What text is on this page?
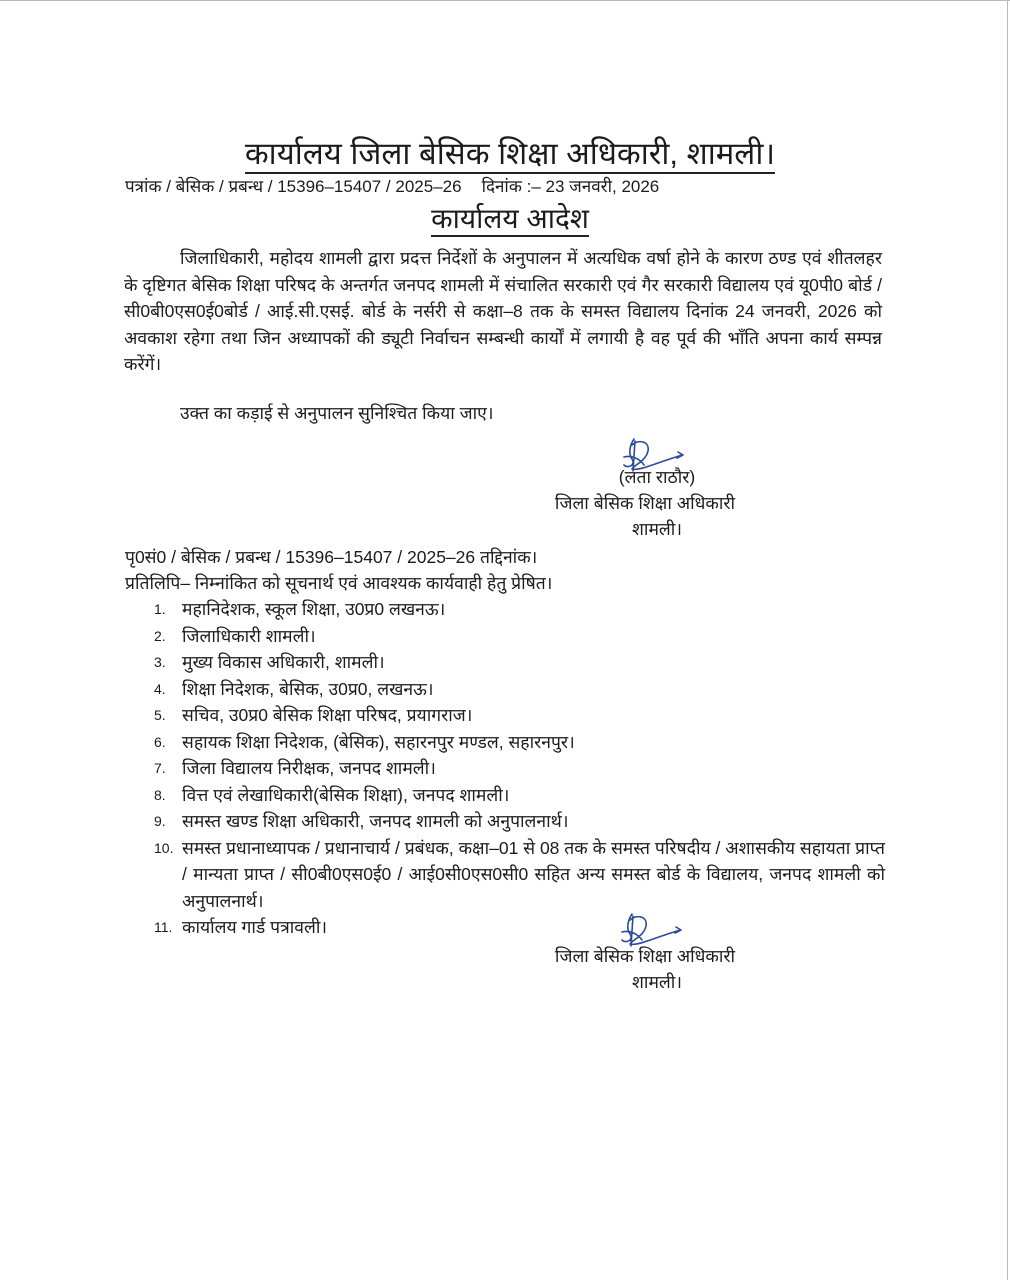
कार्यालय जिला बेसिक शिक्षा अधिकारी, शामली।
पत्रांक / बेसिक / प्रबन्ध / 15396–15407 / 2025–26 दिनांक :– 23 जनवरी, 2026
कार्यालय आदेश
जिलाधिकारी, महोदय शामली द्वारा प्रदत्त निर्देशों के अनुपालन में अत्यधिक वर्षा होने के कारण ठण्ड एवं शीतलहर के दृष्टिगत बेसिक शिक्षा परिषद के अन्तर्गत जनपद शामली में संचालित सरकारी एवं गैर सरकारी विद्यालय एवं यू0पी0 बोर्ड / सी0बी0एस0ई0बोर्ड / आई.सी.एसई. बोर्ड के नर्सरी से कक्षा–8 तक के समस्त विद्यालय दिनांक 24 जनवरी, 2026 को अवकाश रहेगा तथा जिन अध्यापकों की ड्यूटी निर्वाचन सम्बन्धी कार्यों में लगायी है वह पूर्व की भाँति अपना कार्य सम्पन्न करेंगें।
उक्त का कड़ाई से अनुपालन सुनिश्चित किया जाए।
(लता राठौर)
जिला बेसिक शिक्षा अधिकारी
शामली।
पृ0सं0 / बेसिक / प्रबन्ध / 15396–15407 / 2025–26 तद्दिनांक।
प्रतिलिपि– निम्नांकित को सूचनार्थ एवं आवश्यक कार्यवाही हेतु प्रेषित।
1. महानिदेशक, स्कूल शिक्षा, उ0प्र0 लखनऊ।
2. जिलाधिकारी शामली।
3. मुख्य विकास अधिकारी, शामली।
4. शिक्षा निदेशक, बेसिक, उ0प्र0, लखनऊ।
5. सचिव, उ0प्र0 बेसिक शिक्षा परिषद, प्रयागराज।
6. सहायक शिक्षा निदेशक, (बेसिक), सहारनपुर मण्डल, सहारनपुर।
7. जिला विद्यालय निरीक्षक, जनपद शामली।
8. वित्त एवं लेखाधिकारी(बेसिक शिक्षा), जनपद शामली।
9. समस्त खण्ड शिक्षा अधिकारी, जनपद शामली को अनुपालनार्थ।
10. समस्त प्रधानाध्यापक / प्रधानाचार्य / प्रबंधक, कक्षा–01 से 08 तक के समस्त परिषदीय / अशासकीय सहायता प्राप्त / मान्यता प्राप्त / सी0बी0एस0ई0 / आई0सी0एस0सी0 सहित अन्य समस्त बोर्ड के विद्यालय, जनपद शामली को अनुपालनार्थ।
11. कार्यालय गार्ड पत्रावली।
जिला बेसिक शिक्षा अधिकारी
शामली।
